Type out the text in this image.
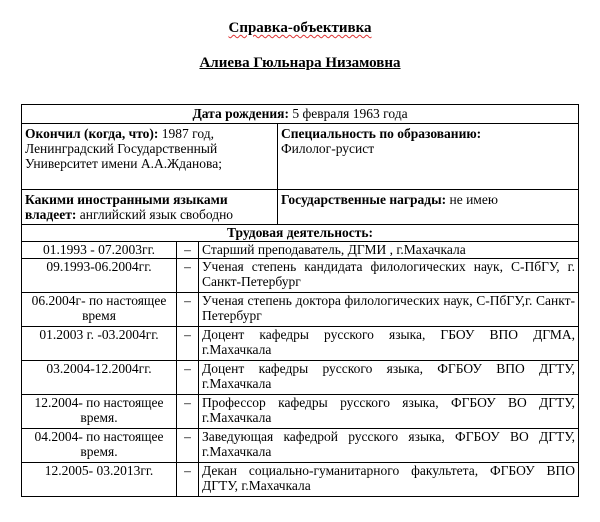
Справка-объективка
Алиева Гюльнара Низамовна
Дата рождения: 5 февраля 1963 года			
Окончил (когда, что): 1987 год, Ленинградский Государственный Университет имени А.А.Жданова;			Специальность по образованию:
Филолог-русист
Какими иностранными языками владеет: английский язык свободно			Государственные награды: не имею
Трудовая деятельность:			
01.1993 - 07.2003гг.	–	Старший преподаватель, ДГМИ , г.Махачкала	
09.1993-06.2004гг.	–	Ученая степень кандидата филологических наук, С-ПбГУ, г. Санкт-Петербург	
06.2004г- по настоящее время	–	Ученая степень доктора филологических наук, С-ПбГУ,г. Санкт-Петербург	
01.2003 г. -03.2004гг.	–	Доцент кафедры русского языка, ГБОУ ВПО ДГМА, г.Махачкала	
03.2004-12.2004гг.	–	Доцент кафедры русского языка, ФГБОУ ВПО ДГТУ, г.Махачкала	
12.2004- по настоящее время.	–	Профессор кафедры русского языка, ФГБОУ ВО ДГТУ, г.Махачкала	
04.2004- по настоящее время.	–	Заведующая кафедрой русского языка, ФГБОУ ВО ДГТУ, г.Махачкала	
12.2005- 03.2013гг.	–	Декан социально-гуманитарного факультета, ФГБОУ ВПО ДГТУ, г.Махачкала	
